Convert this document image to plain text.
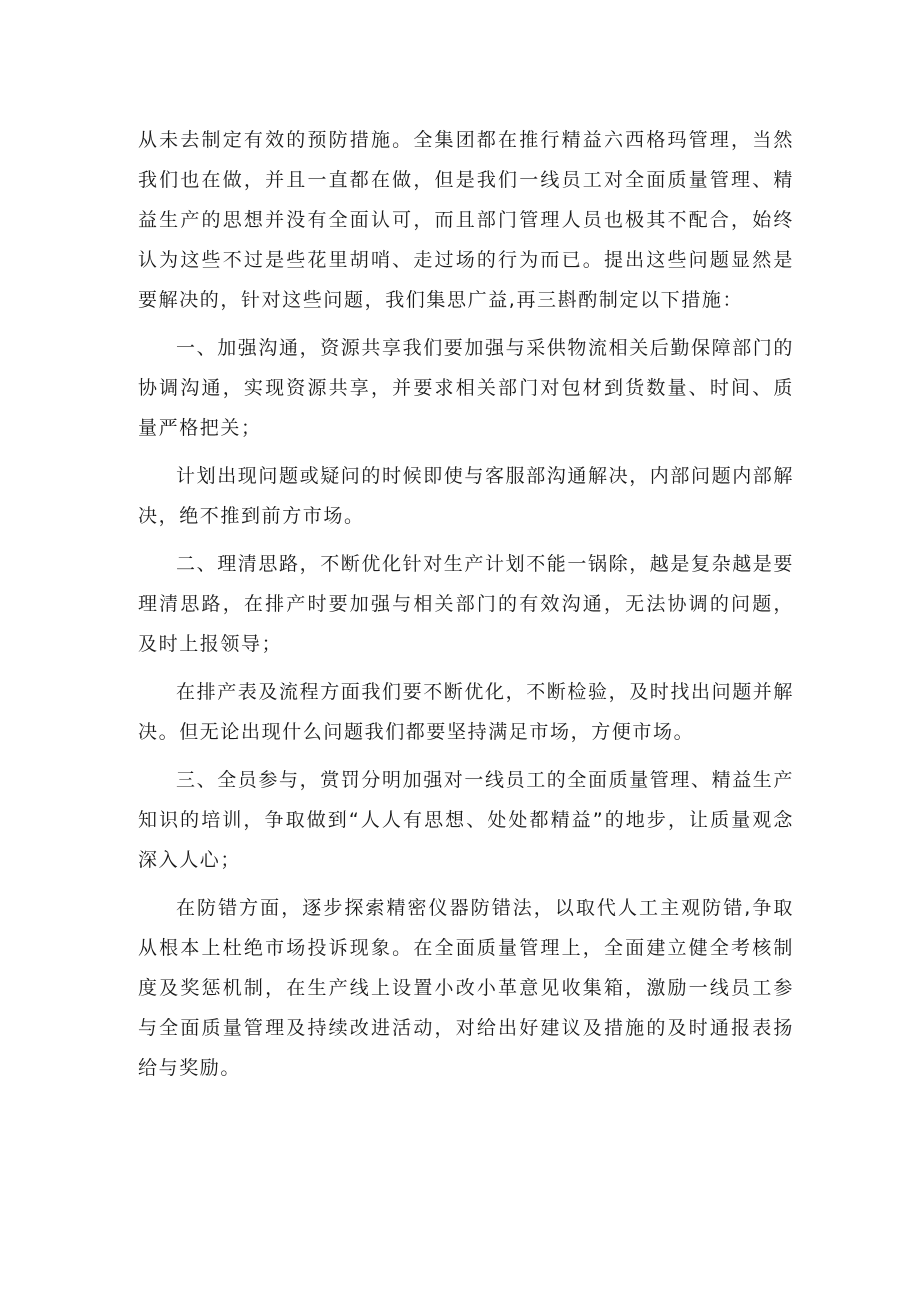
从未去制定有效的预防措施。全集团都在推行精益六西格玛管理，当然我们也在做，并且一直都在做，但是我们一线员工对全面质量管理、精益生产的思想并没有全面认可，而且部门管理人员也极其不配合，始终认为这些不过是些花里胡哨、走过场的行为而已。提出这些问题显然是要解决的，针对这些问题，我们集思广益,再三斟酌制定以下措施：

一、加强沟通，资源共享我们要加强与采供物流相关后勤保障部门的协调沟通，实现资源共享，并要求相关部门对包材到货数量、时间、质量严格把关；

计划出现问题或疑问的时候即使与客服部沟通解决，内部问题内部解决，绝不推到前方市场。

二、理清思路，不断优化针对生产计划不能一锅除，越是复杂越是要理清思路，在排产时要加强与相关部门的有效沟通，无法协调的问题，及时上报领导；

在排产表及流程方面我们要不断优化，不断检验，及时找出问题并解决。但无论出现什么问题我们都要坚持满足市场，方便市场。

三、全员参与，赏罚分明加强对一线员工的全面质量管理、精益生产知识的培训，争取做到“人人有思想、处处都精益”的地步，让质量观念深入人心；

在防错方面，逐步探索精密仪器防错法，以取代人工主观防错,争取从根本上杜绝市场投诉现象。在全面质量管理上，全面建立健全考核制度及奖惩机制，在生产线上设置小改小革意见收集箱，激励一线员工参与全面质量管理及持续改进活动，对给出好建议及措施的及时通报表扬给与奖励。
